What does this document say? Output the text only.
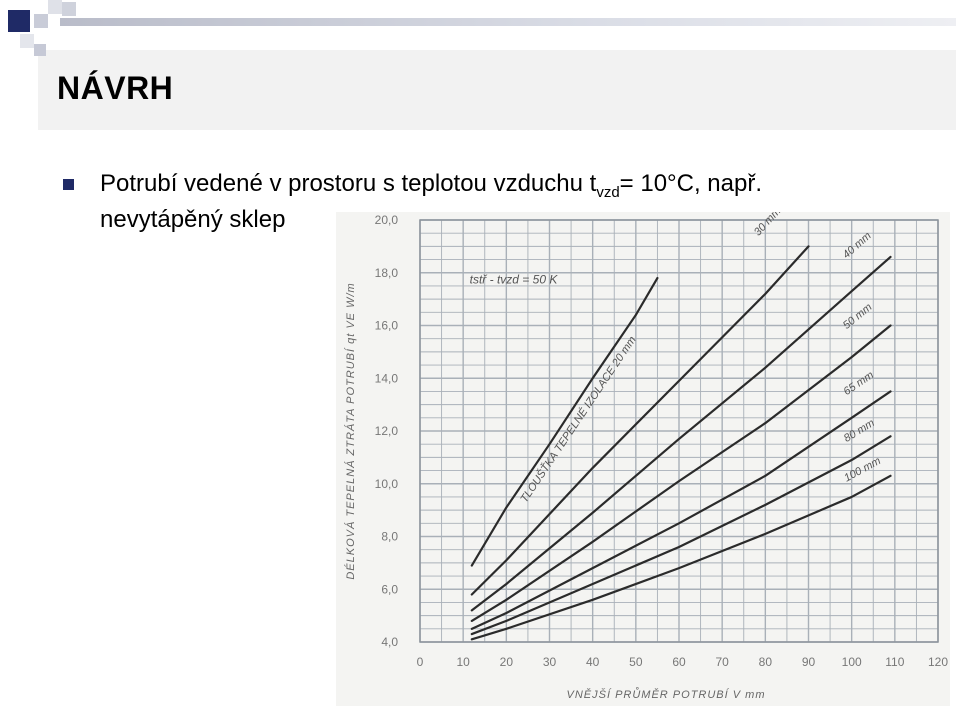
NÁVRH
Potrubí vedené v prostoru s teplotou vzduchu $t_{vzd}= 10^\circ C$, např.
nevytápěný sklep
0	10 20 30 40 50 60 70 80 90 100 110 120
4,0
6,0
8,0
10,0
12,0
14,0
16,0
18,0
20,0
VNĚJŠÍ PRŮMĚR POTRUBÍ V mm
DÉLKOVÁ TEPELNÁ ZTRÁTA POTRUBÍ qt VE W/m
tstř - tvzd = 50 K
TLOUŠŤKA TEPELNÉ IZOLACE 20 mm
30 mm
40 mm
50 mm
65 mm
80 mm
100 mm
